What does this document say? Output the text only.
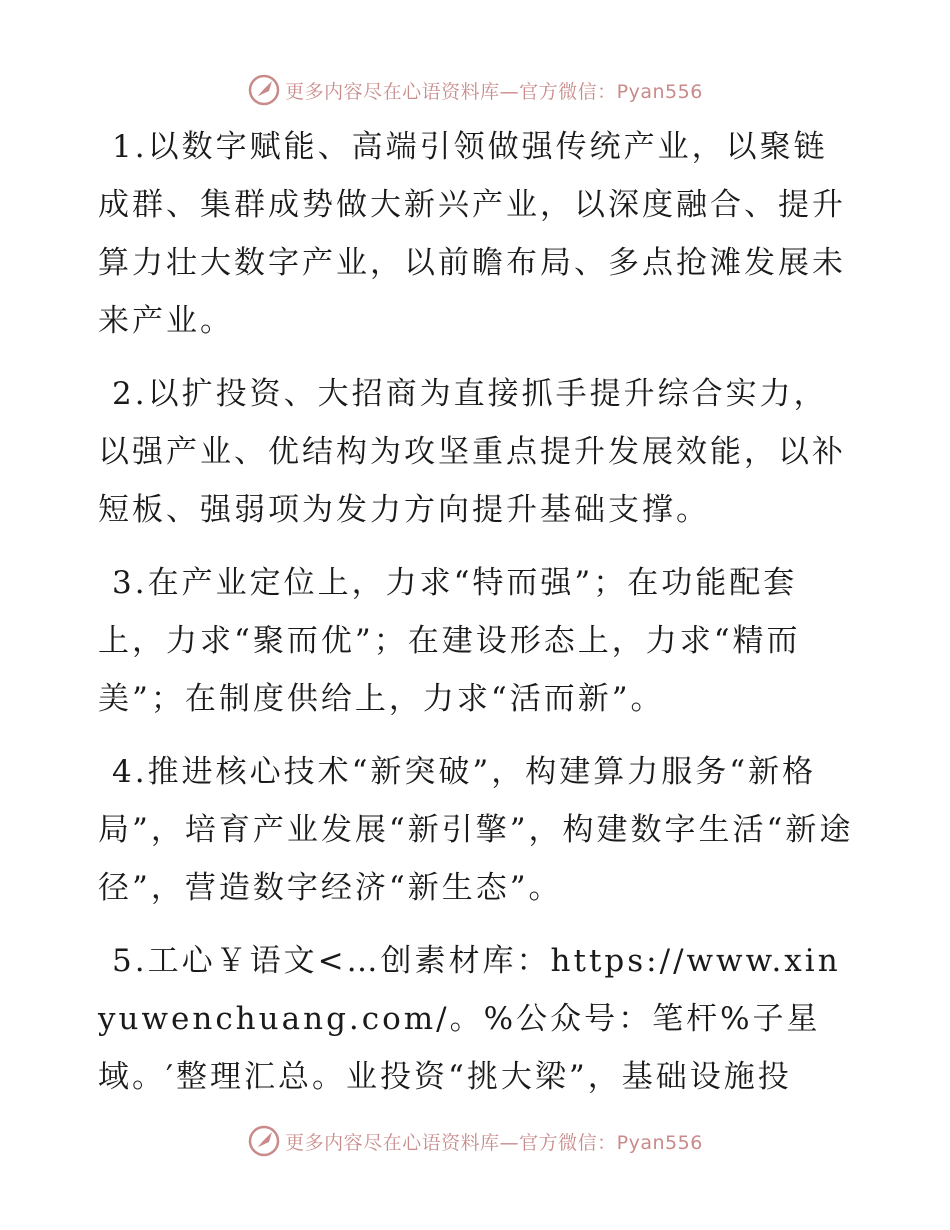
更多内容尽在心语资料库—官方微信：Pyan556

1.以数字赋能、高端引领做强传统产业，以聚链成群、集群成势做大新兴产业，以深度融合、提升算力壮大数字产业，以前瞻布局、多点抢滩发展未来产业。

2.以扩投资、大招商为直接抓手提升综合实力，以强产业、优结构为攻坚重点提升发展效能，以补短板、强弱项为发力方向提升基础支撑。

3.在产业定位上，力求“特而强”；在功能配套上，力求“聚而优”；在建设形态上，力求“精而美”；在制度供给上，力求“活而新”。

4.推进核心技术“新突破”，构建算力服务“新格局”，培育产业发展“新引擎”，构建数字生活“新途径”，营造数字经济“新生态”。

5.工心￥语文<…创素材库：https://www.xinyuwenchuang.com/。%公众号：笔杆%子星域。′整理汇总。业投资“挑大梁”，基础设施投

更多内容尽在心语资料库—官方微信：Pyan556
